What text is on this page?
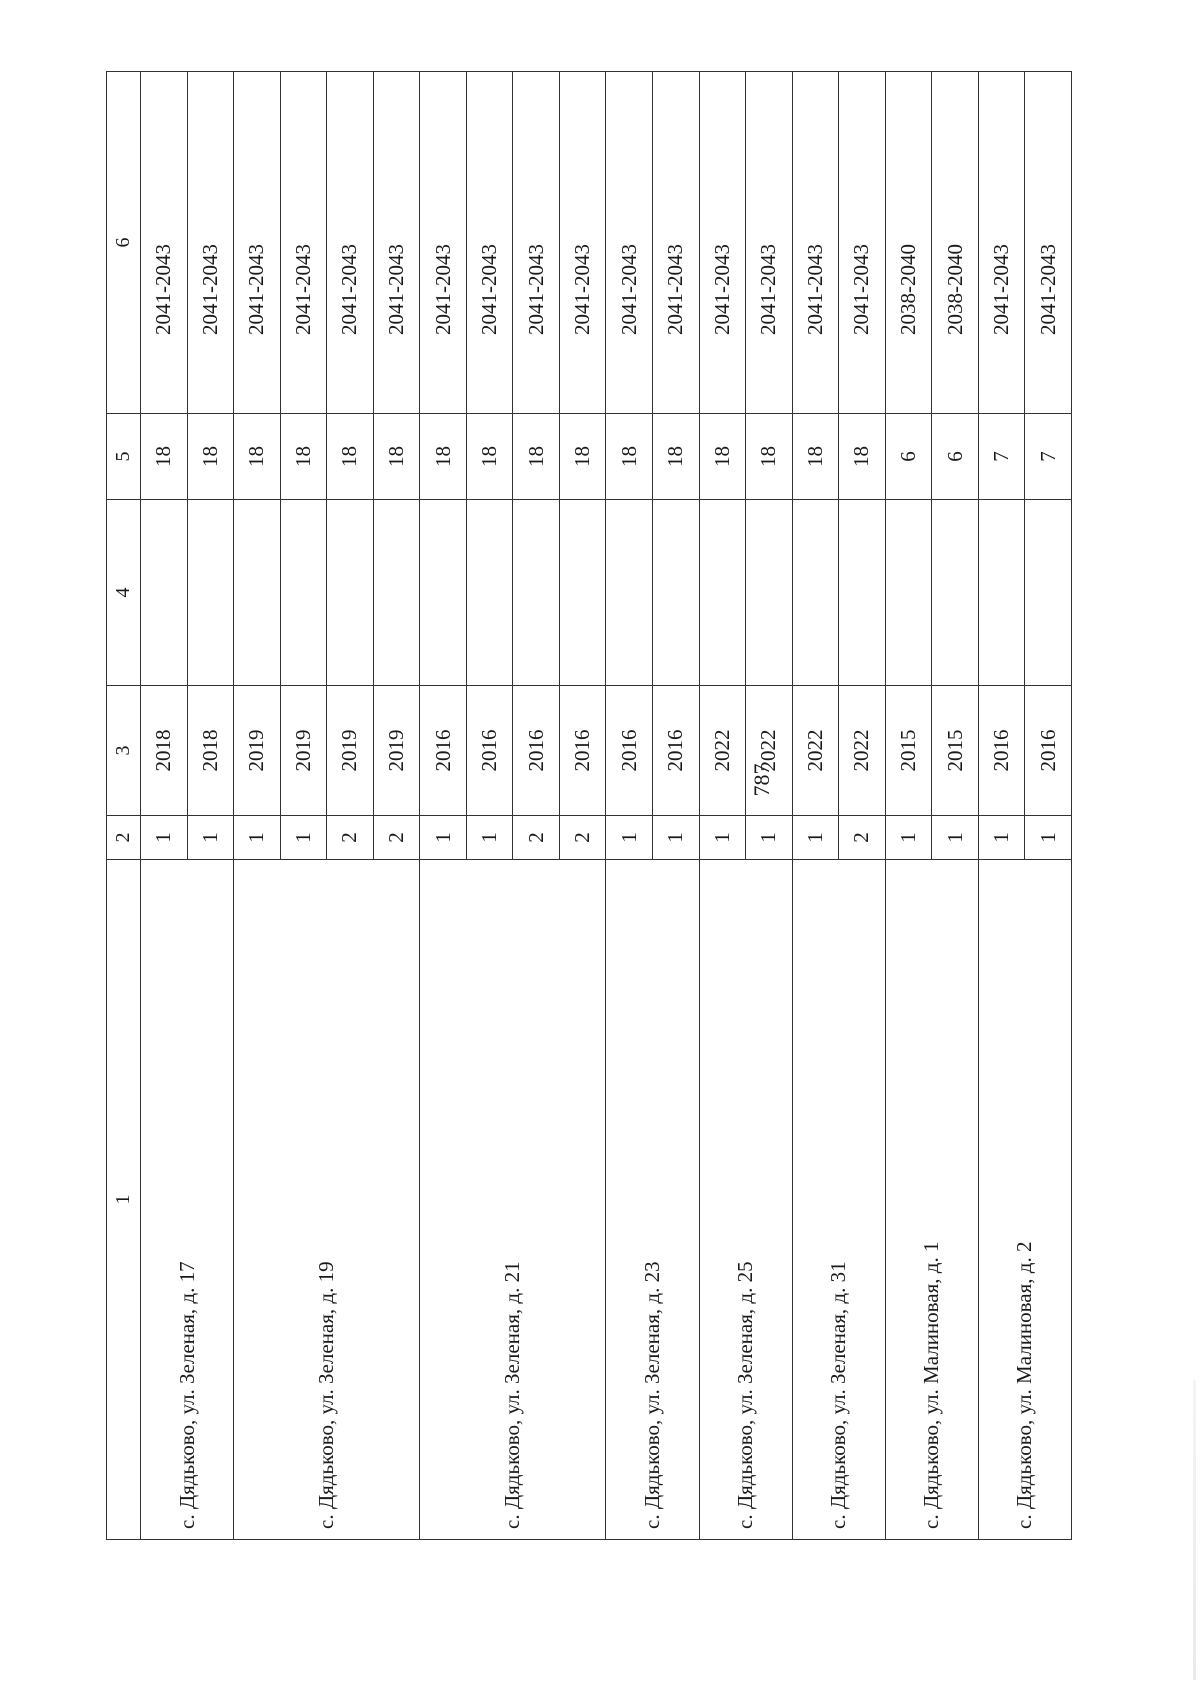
787
1	2	3	4	5	6
с. Дядьково, ул. Зеленая, д. 17	1	2018		18	2041-2043
	1	2018		18	2041-2043
с. Дядьково, ул. Зеленая, д. 19	1	2019		18	2041-2043
	1	2019		18	2041-2043
	2	2019		18	2041-2043
	2	2019		18	2041-2043
с. Дядьково, ул. Зеленая, д. 21	1	2016		18	2041-2043
	1	2016		18	2041-2043
	2	2016		18	2041-2043
	2	2016		18	2041-2043
с. Дядьково, ул. Зеленая, д. 23	1	2016		18	2041-2043
	1	2016		18	2041-2043
с. Дядьково, ул. Зеленая, д. 25	1	2022		18	2041-2043
	1	2022		18	2041-2043
с. Дядьково, ул. Зеленая, д. 31	1	2022		18	2041-2043
	2	2022		18	2041-2043
с. Дядьково, ул. Малиновая, д. 1	1	2015		6	2038-2040
	1	2015		6	2038-2040
с. Дядьково, ул. Малиновая, д. 2	1	2016		7	2041-2043
	1	2016		7	2041-2043
